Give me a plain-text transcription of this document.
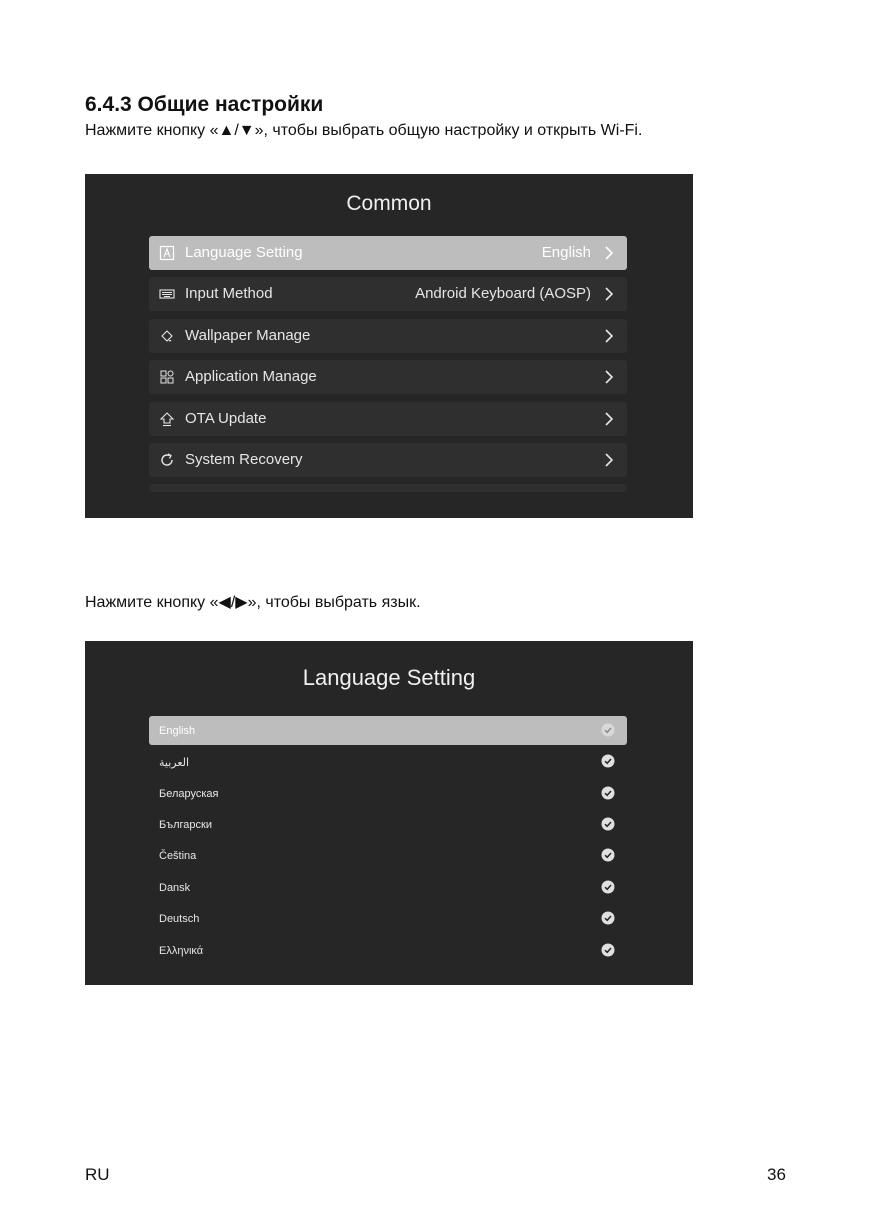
6.4.3 Общие настройки
Нажмите кнопку «▲/▼», чтобы выбрать общую настройку и открыть Wi-Fi.
Common
Language Setting	English
Input Method	Android Keyboard (AOSP)
Wallpaper Manage
Application Manage
OTA Update
System Recovery
Нажмите кнопку «◀/▶», чтобы выбрать язык.
Language Setting
English
العربية
Беларуская
Български
Čeština
Dansk
Deutsch
Ελληνικά
RU	36
